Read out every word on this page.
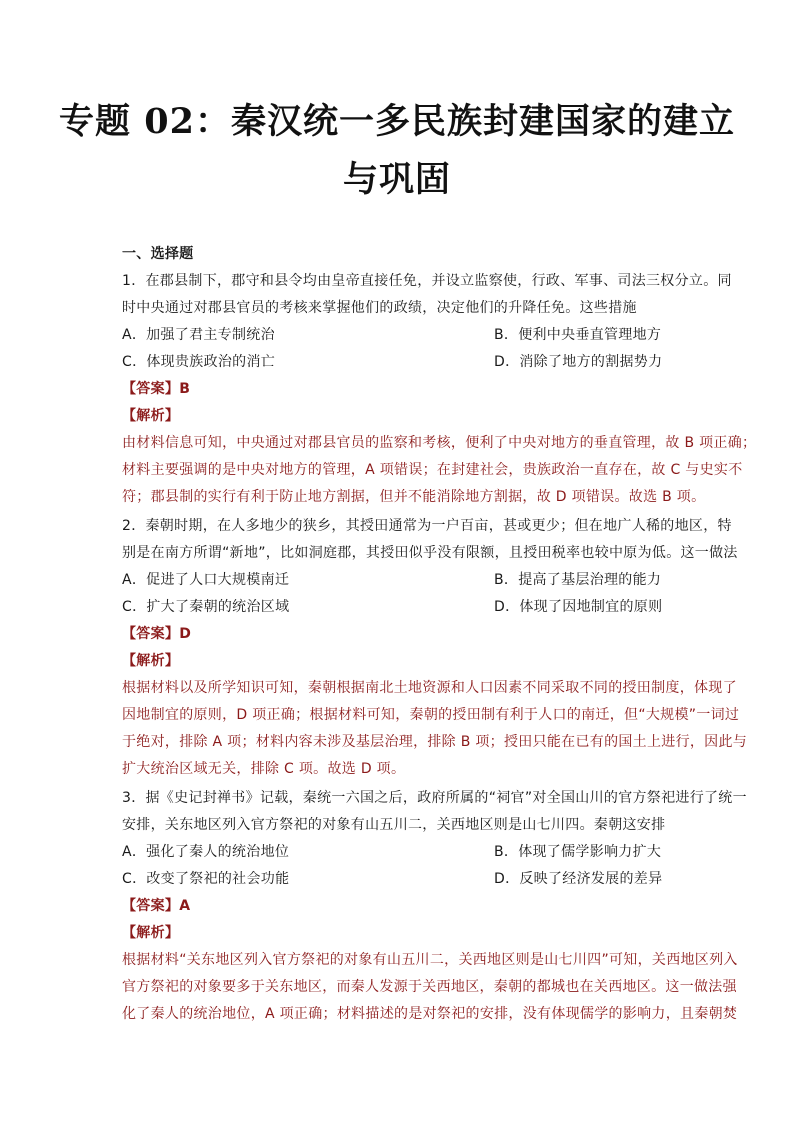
专题 02：秦汉统一多民族封建国家的建立
与巩固
一、选择题
1．在郡县制下，郡守和县令均由皇帝直接任免，并设立监察使，行政、军事、司法三权分立。同
时中央通过对郡县官员的考核来掌握他们的政绩，决定他们的升降任免。这些措施
A．加强了君主专制统治	B．便利中央垂直管理地方
C．体现贵族政治的消亡	D．消除了地方的割据势力
【答案】B
【解析】
由材料信息可知，中央通过对郡县官员的监察和考核，便利了中央对地方的垂直管理，故 B 项正确；
材料主要强调的是中央对地方的管理，A 项错误；在封建社会，贵族政治一直存在，故 C 与史实不
符；郡县制的实行有利于防止地方割据，但并不能消除地方割据，故 D 项错误。故选 B 项。
2．秦朝时期，在人多地少的狭乡，其授田通常为一户百亩，甚或更少；但在地广人稀的地区，特
别是在南方所谓“新地”，比如洞庭郡，其授田似乎没有限额，且授田税率也较中原为低。这一做法
A．促进了人口大规模南迁	B．提高了基层治理的能力
C．扩大了秦朝的统治区域	D．体现了因地制宜的原则
【答案】D
【解析】
根据材料以及所学知识可知，秦朝根据南北土地资源和人口因素不同采取不同的授田制度，体现了
因地制宜的原则，D 项正确；根据材料可知，秦朝的授田制有利于人口的南迁，但“大规模”一词过
于绝对，排除 A 项；材料内容未涉及基层治理，排除 B 项；授田只能在已有的国土上进行，因此与
扩大统治区域无关，排除 C 项。故选 D 项。
3．据《史记封禅书》记载，秦统一六国之后，政府所属的“祠官”对全国山川的官方祭祀进行了统一
安排，关东地区列入官方祭祀的对象有山五川二，关西地区则是山七川四。秦朝这安排
A．强化了秦人的统治地位	B．体现了儒学影响力扩大
C．改变了祭祀的社会功能	D．反映了经济发展的差异
【答案】A
【解析】
根据材料“关东地区列入官方祭祀的对象有山五川二，关西地区则是山七川四”可知，关西地区列入
官方祭祀的对象要多于关东地区，而秦人发源于关西地区，秦朝的都城也在关西地区。这一做法强
化了秦人的统治地位，A 项正确；材料描述的是对祭祀的安排，没有体现儒学的影响力，且秦朝焚
